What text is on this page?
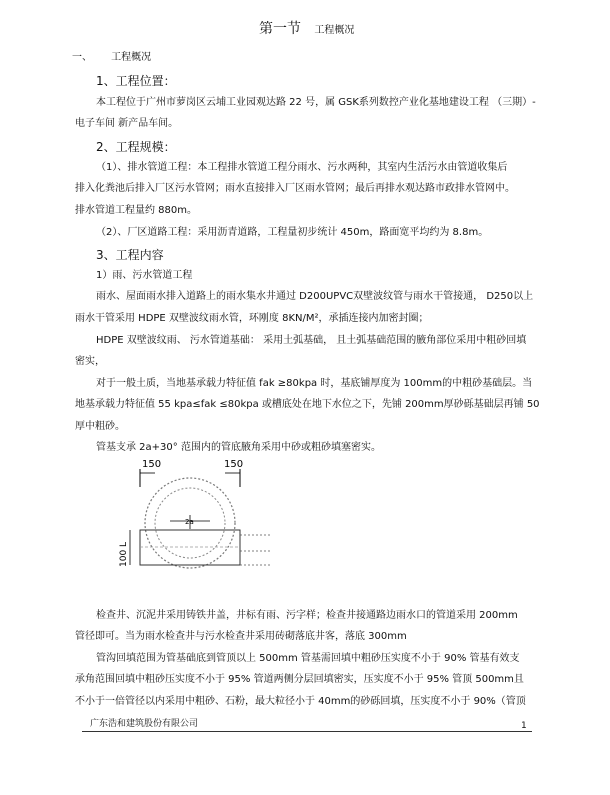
第一节 工程概况
一、 工程概况
1、工程位置：
本工程位于广州市萝岗区云埔工业园观达路 22 号，属 GSK系列数控产业化基地建设工程 （三期）-
电子车间 新产品车间。
2、工程规模：
（1）、排水管道工程：本工程排水管道工程分雨水、污水两种，其室内生活污水由管道收集后
排入化粪池后排入厂区污水管网；雨水直接排入厂区雨水管网；最后再排水观达路市政排水管网中。
排水管道工程量约 880m。
（2）、厂区道路工程：采用沥青道路，工程量初步统计 450m，路面宽平均约为 8.8m。
3、工程内容
1）雨、污水管道工程
雨水、屋面雨水排入道路上的雨水集水井通过 D200UPVC双壁波纹管与雨水干管接通， D250以上
雨水干管采用 HDPE 双壁波纹雨水管，环刚度 8KN/M²，承插连接内加密封圈；
HDPE 双壁波纹雨、 污水管道基础： 采用土弧基础， 且土弧基础范围的腋角部位采用中粗砂回填
密实，
对于一般土质，当地基承载力特征值 fak ≥80kpa 时，基底铺厚度为 100mm的中粗砂基础层。当
地基承载力特征值 55 kpa≤fak ≤80kpa 或槽底处在地下水位之下，先铺 200mm厚砂砾基础层再铺 50
厚中粗砂。
管基支承 2a+30° 范围内的管底腋角采用中砂或粗砂填塞密实。
150	150
2a
100 L
检查井、沉泥井采用铸铁井盖，井标有雨、污字样；检查井接通路边雨水口的管道采用 200mm
管径即可。当为雨水检查井与污水检查井采用砖砌落底井客，落底 300mm
管沟回填范围为管基础底到管顶以上 500mm 管基需回填中粗砂压实度不小于 90% 管基有效支
承角范围回填中粗砂压实度不小于 95% 管道两侧分层回填密实，压实度不小于 95% 管顶 500mm且
不小于一倍管径以内采用中粗砂、石粉，最大粒径小于 40mm的砂砾回填，压实度不小于 90%（管顶
广东浩和建筑股份有限公司	1
